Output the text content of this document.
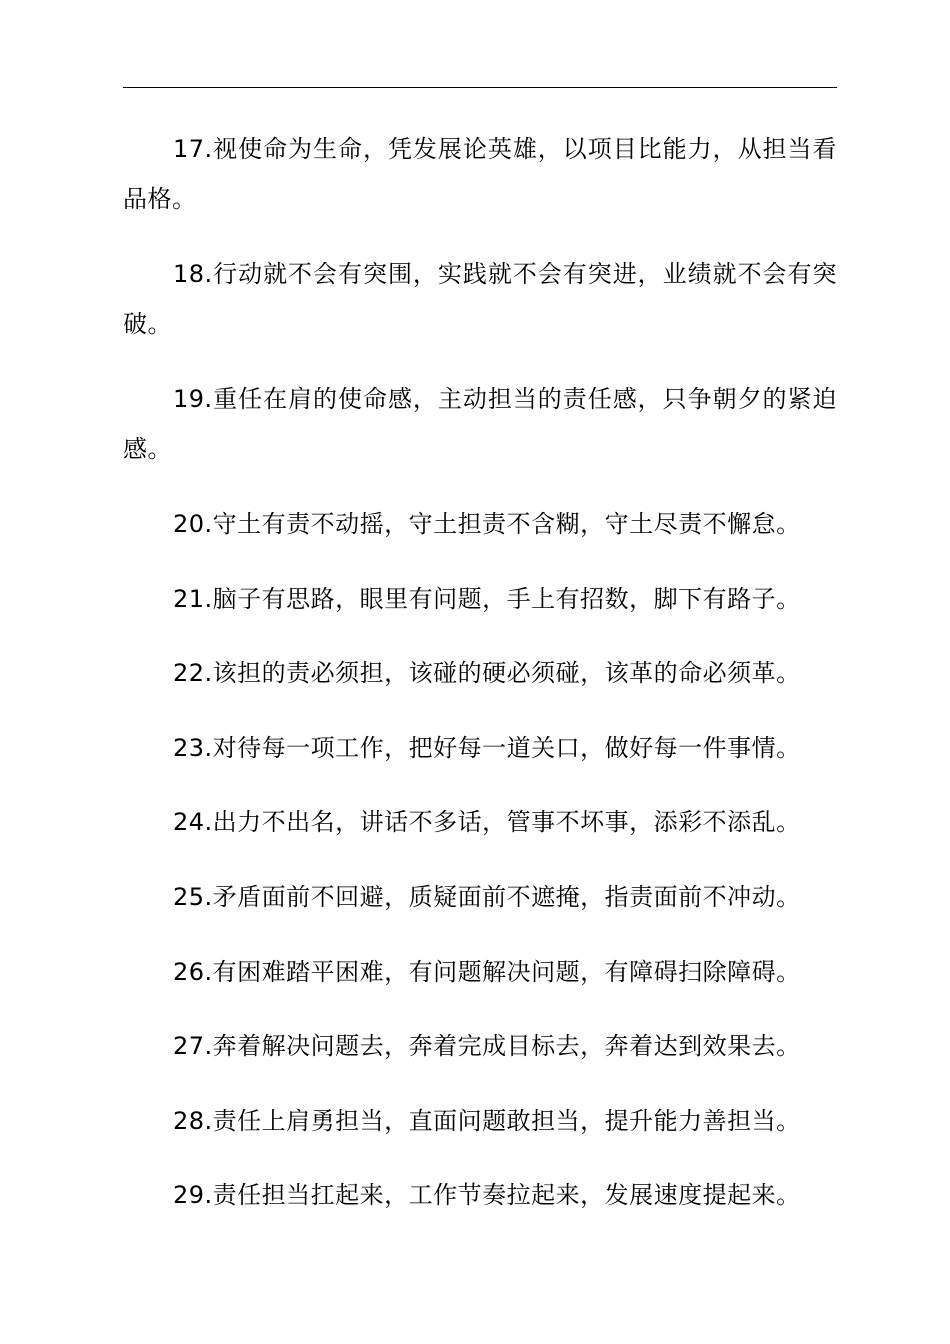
17.视使命为生命，凭发展论英雄，以项目比能力，从担当看品格。

18.行动就不会有突围，实践就不会有突进，业绩就不会有突破。

19.重任在肩的使命感，主动担当的责任感，只争朝夕的紧迫感。

20.守土有责不动摇，守土担责不含糊，守土尽责不懈怠。

21.脑子有思路，眼里有问题，手上有招数，脚下有路子。

22.该担的责必须担，该碰的硬必须碰，该革的命必须革。

23.对待每一项工作，把好每一道关口，做好每一件事情。

24.出力不出名，讲话不多话，管事不坏事，添彩不添乱。

25.矛盾面前不回避，质疑面前不遮掩，指责面前不冲动。

26.有困难踏平困难，有问题解决问题，有障碍扫除障碍。

27.奔着解决问题去，奔着完成目标去，奔着达到效果去。

28.责任上肩勇担当，直面问题敢担当，提升能力善担当。

29.责任担当扛起来，工作节奏拉起来，发展速度提起来。
